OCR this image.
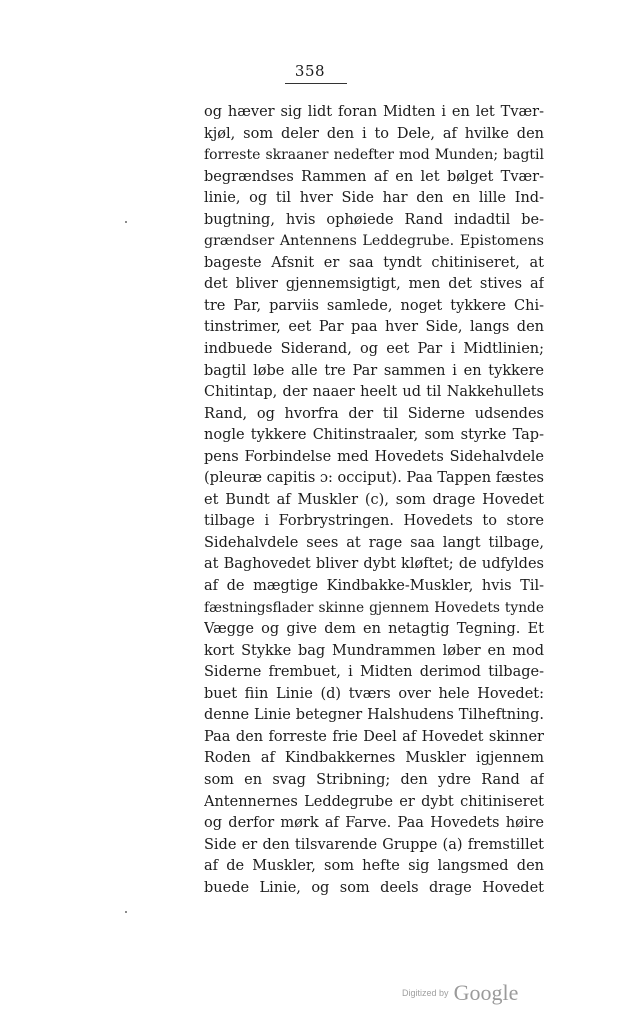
358
og hæver sig lidt foran Midten i en let Tvær-
kjøl, som deler den i to Dele, af hvilke den
forreste skraaner nedefter mod Munden; bagtil
begrændses Rammen af en let bølget Tvær-
linie, og til hver Side har den en lille Ind-
bugtning, hvis ophøiede Rand indadtil be-
grændser Antennens Leddegrube. Epistomens
bageste Afsnit er saa tyndt chitiniseret, at
det bliver gjennemsigtigt, men det stives af
tre Par, parviis samlede, noget tykkere Chi-
tinstrimer, eet Par paa hver Side, langs den
indbuede Siderand, og eet Par i Midtlinien;
bagtil løbe alle tre Par sammen i en tykkere
Chitintap, der naaer heelt ud til Nakkehullets
Rand, og hvorfra der til Siderne udsendes
nogle tykkere Chitinstraaler, som styrke Tap-
pens Forbindelse med Hovedets Sidehalvdele
(pleuræ capitis ɔ: occiput). Paa Tappen fæstes
et Bundt af Muskler (c), som drage Hovedet
tilbage i Forbrystringen. Hovedets to store
Sidehalvdele sees at rage saa langt tilbage,
at Baghovedet bliver dybt kløftet; de udfyldes
af de mægtige Kindbakke-Muskler, hvis Til-
fæstningsflader skinne gjennem Hovedets tynde
Vægge og give dem en netagtig Tegning. Et
kort Stykke bag Mundrammen løber en mod
Siderne frembuet, i Midten derimod tilbage-
buet fiin Linie (d) tværs over hele Hovedet:
denne Linie betegner Halshudens Tilheftning.
Paa den forreste frie Deel af Hovedet skinner
Roden af Kindbakkernes Muskler igjennem
som en svag Stribning; den ydre Rand af
Antennernes Leddegrube er dybt chitiniseret
og derfor mørk af Farve. Paa Hovedets høire
Side er den tilsvarende Gruppe (a) fremstillet
af de Muskler, som hefte sig langsmed den
buede Linie, og som deels drage Hovedet
Digitized by Google
